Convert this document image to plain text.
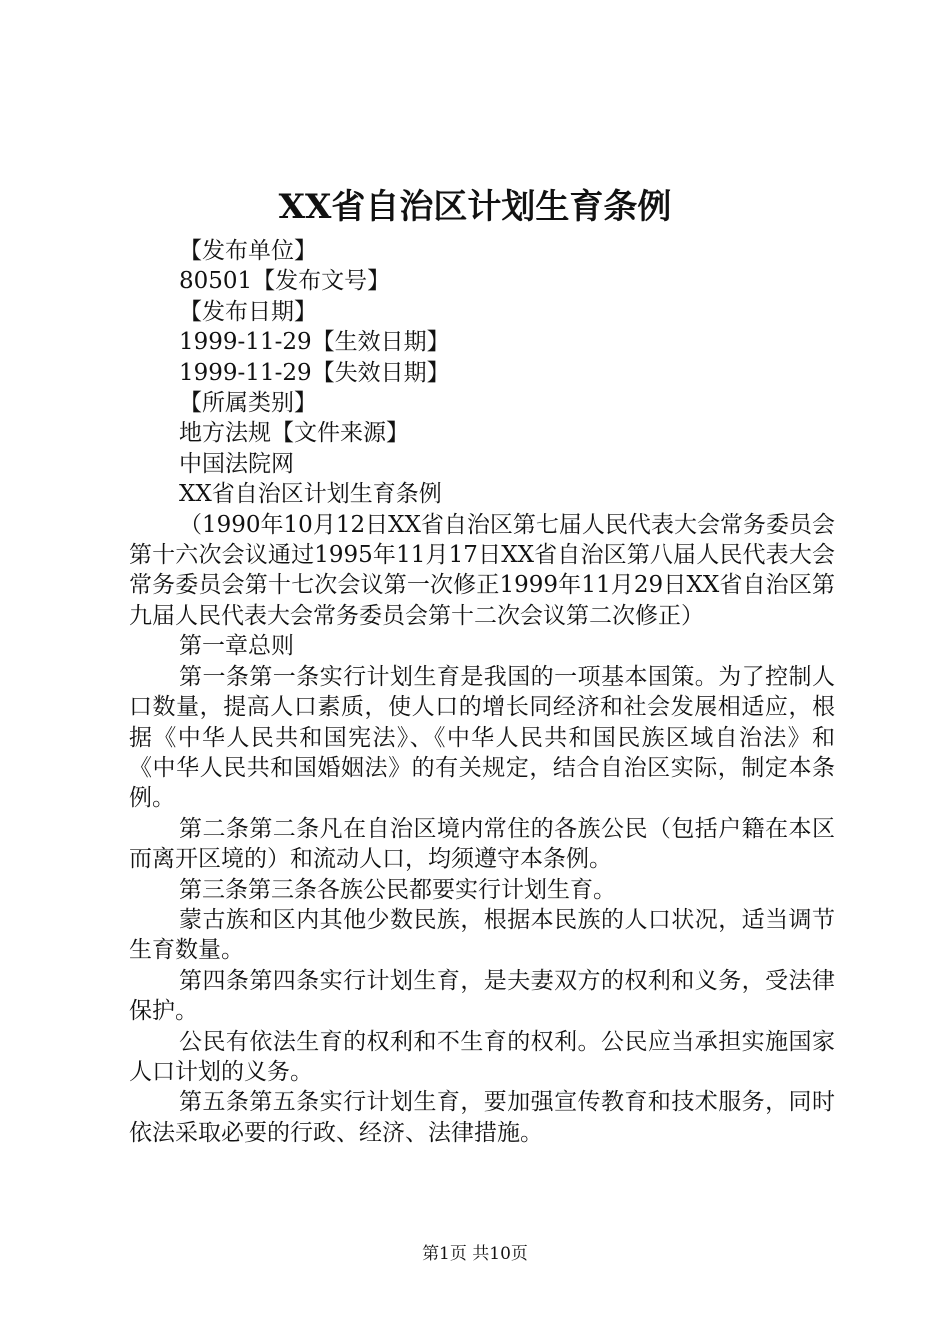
XX省自治区计划生育条例
【发布单位】
80501【发布文号】
【发布日期】
1999-11-29【生效日期】
1999-11-29【失效日期】
【所属类别】
地方法规【文件来源】
中国法院网
XX省自治区计划生育条例

（1990年10月12日XX省自治区第七届人民代表大会常务委员会第十六次会议通过1995年11月17日XX省自治区第八届人民代表大会常务委员会第十七次会议第一次修正1999年11月29日XX省自治区第九届人民代表大会常务委员会第十二次会议第二次修正）

第一章总则

第一条第一条实行计划生育是我国的一项基本国策。为了控制人口数量，提高人口素质，使人口的增长同经济和社会发展相适应，根据《中华人民共和国宪法》、《中华人民共和国民族区域自治法》和《中华人民共和国婚姻法》的有关规定，结合自治区实际，制定本条例。

第二条第二条凡在自治区境内常住的各族公民（包括户籍在本区而离开区境的）和流动人口，均须遵守本条例。

第三条第三条各族公民都要实行计划生育。

蒙古族和区内其他少数民族，根据本民族的人口状况，适当调节生育数量。

第四条第四条实行计划生育，是夫妻双方的权利和义务，受法律保护。

公民有依法生育的权利和不生育的权利。公民应当承担实施国家人口计划的义务。

第五条第五条实行计划生育，要加强宣传教育和技术服务，同时依法采取必要的行政、经济、法律措施。

第1页 共10页
